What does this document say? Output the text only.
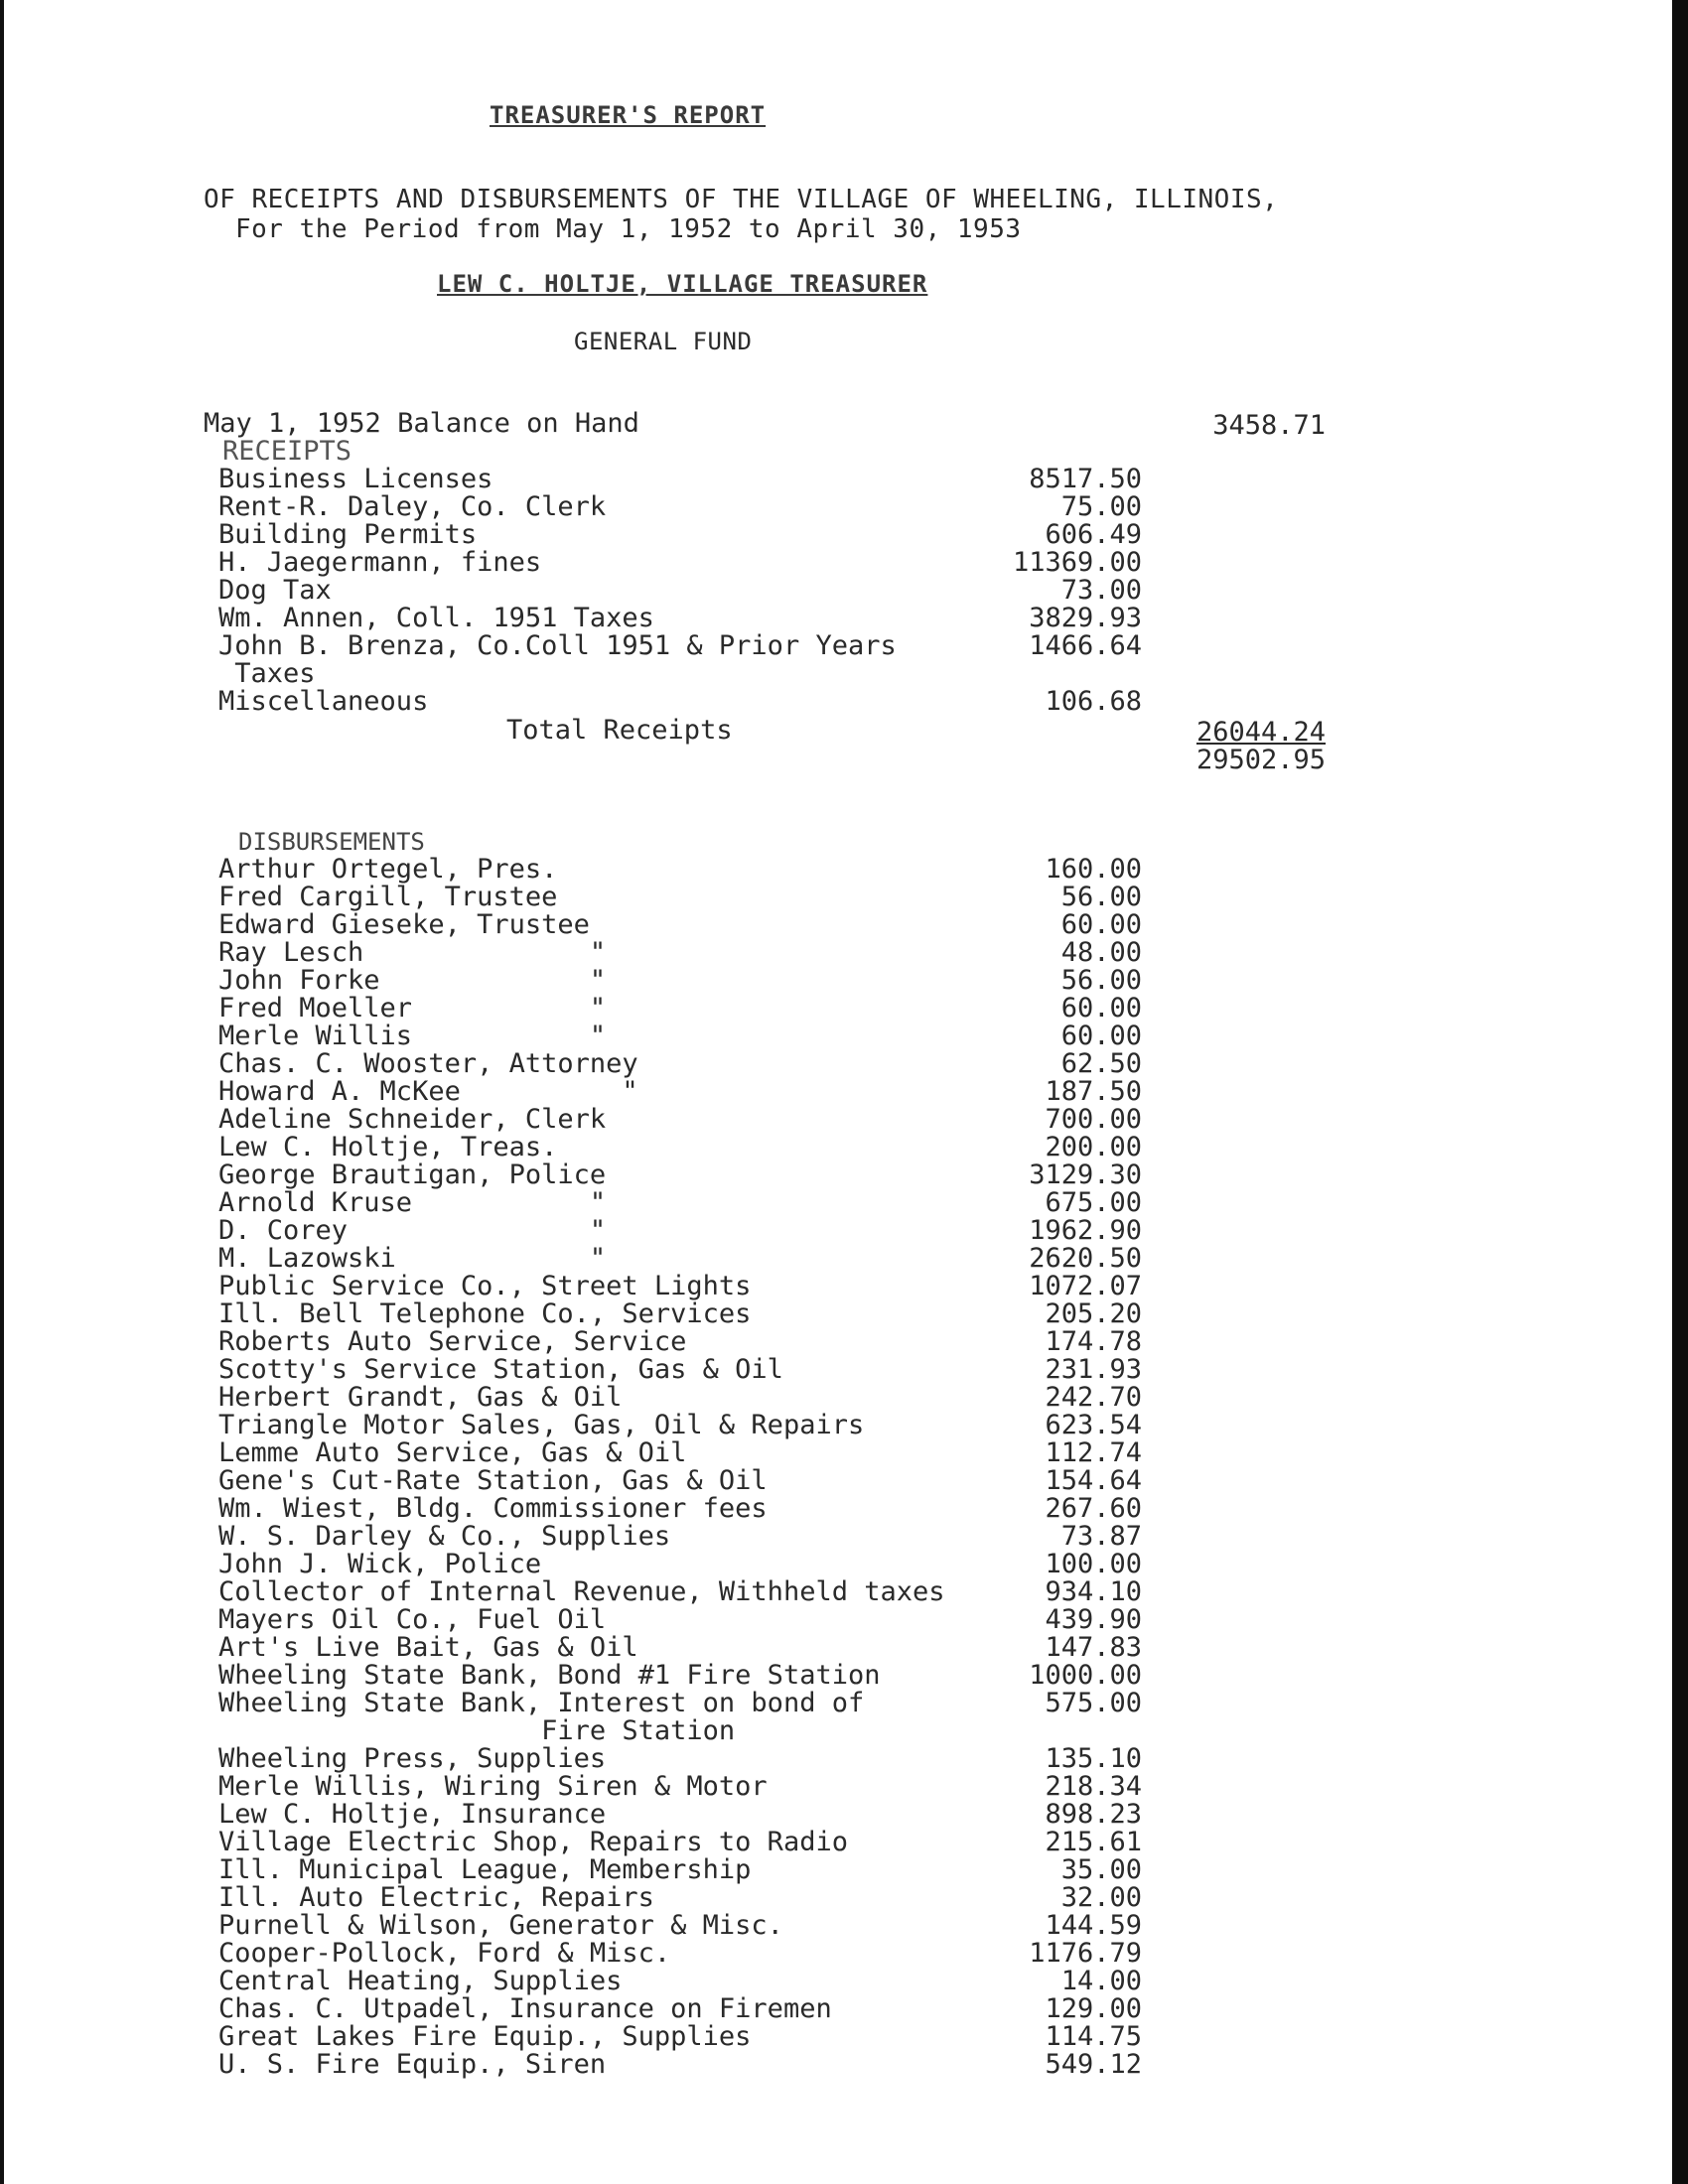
TREASURER'S REPORT
OF RECEIPTS AND DISBURSEMENTS OF THE VILLAGE OF WHEELING, ILLINOIS,
For the Period from May 1, 1952 to April 30, 1953
LEW C. HOLTJE, VILLAGE TREASURER
GENERAL FUND
May 1, 1952 Balance on Hand	3458.71
RECEIPTS
Business Licenses	8517.50
Rent-R. Daley, Co. Clerk	75.00
Building Permits	606.49
H. Jaegermann, fines	11369.00
Dog Tax	73.00
Wm. Annen, Coll. 1951 Taxes	3829.93
John B. Brenza, Co.Coll 1951 & Prior Years	1466.64
Taxes
Miscellaneous	106.68
Total Receipts	26044.24
29502.95
DISBURSEMENTS
Arthur Ortegel, Pres.	160.00
Fred Cargill, Trustee	56.00
Edward Gieseke, Trustee	60.00
Ray Lesch              "	48.00
John Forke             "	56.00
Fred Moeller           "	60.00
Merle Willis           "	60.00
Chas. C. Wooster, Attorney	62.50
Howard A. McKee          "	187.50
Adeline Schneider, Clerk	700.00
Lew C. Holtje, Treas.	200.00
George Brautigan, Police	3129.30
Arnold Kruse           "	675.00
D. Corey               "	1962.90
M. Lazowski            "	2620.50
Public Service Co., Street Lights	1072.07
Ill. Bell Telephone Co., Services	205.20
Roberts Auto Service, Service	174.78
Scotty's Service Station, Gas & Oil	231.93
Herbert Grandt, Gas & Oil	242.70
Triangle Motor Sales, Gas, Oil & Repairs	623.54
Lemme Auto Service, Gas & Oil	112.74
Gene's Cut-Rate Station, Gas & Oil	154.64
Wm. Wiest, Bldg. Commissioner fees	267.60
W. S. Darley & Co., Supplies	73.87
John J. Wick, Police	100.00
Collector of Internal Revenue, Withheld taxes	934.10
Mayers Oil Co., Fuel Oil	439.90
Art's Live Bait, Gas & Oil	147.83
Wheeling State Bank, Bond #1 Fire Station	1000.00
Wheeling State Bank, Interest on bond of	575.00
Fire Station
Wheeling Press, Supplies	135.10
Merle Willis, Wiring Siren & Motor	218.34
Lew C. Holtje, Insurance	898.23
Village Electric Shop, Repairs to Radio	215.61
Ill. Municipal League, Membership	35.00
Ill. Auto Electric, Repairs	32.00
Purnell & Wilson, Generator & Misc.	144.59
Cooper-Pollock, Ford & Misc.	1176.79
Central Heating, Supplies	14.00
Chas. C. Utpadel, Insurance on Firemen	129.00
Great Lakes Fire Equip., Supplies	114.75
U. S. Fire Equip., Siren	549.12
